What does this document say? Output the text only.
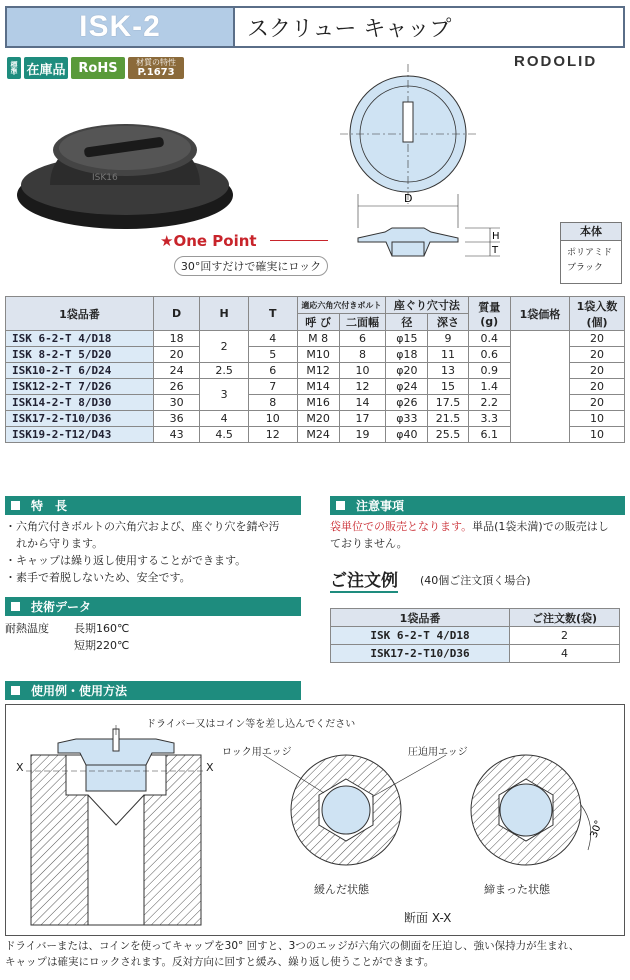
ISK-2	スクリュー キャップ
標準 在庫品 RoHS	材質の特性
P.1673
RODOLID
ISK16
★One Point
30°回すだけで確実にロック
D
H
T
本体
ポリアミド
ブラック
1袋品番	D	H	T	適応六角穴付きボルト		座ぐり穴寸法		質量
(g)	1袋価格	1袋入数
(個)
				呼 び	二面幅	径	深さ			
ISK 6-2-T 4/D18	18	2	4	M 8	6	φ15	9	0.4		20
ISK 8-2-T 5/D20	20		5	M10	8	φ18	11	0.6		20
ISK10-2-T 6/D24	24	2.5	6	M12	10	φ20	13	0.9		20
ISK12-2-T 7/D26	26	3	7	M14	12	φ24	15	1.4		20
ISK14-2-T 8/D30	30		8	M16	14	φ26	17.5	2.2		20
ISK17-2-T10/D36	36	4	10	M20	17	φ33	21.5	3.3		10
ISK19-2-T12/D43	43	4.5	12	M24	19	φ40	25.5	6.1		10
特　長
・六角穴付きボルトの六角穴および、座ぐり穴を錆や汚
　れから守ります。
・キャップは繰り返し使用することができます。
・素手で着脱しないため、安全です。
技術データ
耐熱温度 長期160℃
短期220℃
注意事項
袋単位での販売となります。単品(1袋未満)での販売はし
ておりません。
ご注文例 (40個ご注文頂く場合)
1袋品番	ご注文数(袋)
ISK 6-2-T 4/D18	2
ISK17-2-T10/D36	4
使用例・使用方法
ドライバー又はコイン等を差し込んでください
ロック用エッジ	圧迫用エッジ
緩んだ状態	締まった状態
断面 X-X
X	X
30°
ドライバーまたは、コインを使ってキャップを30° 回すと、3つのエッジが六角穴の側面を圧迫し、強い保持力が生まれ、
キャップは確実にロックされます。反対方向に回すと緩み、繰り返し使うことができます。
